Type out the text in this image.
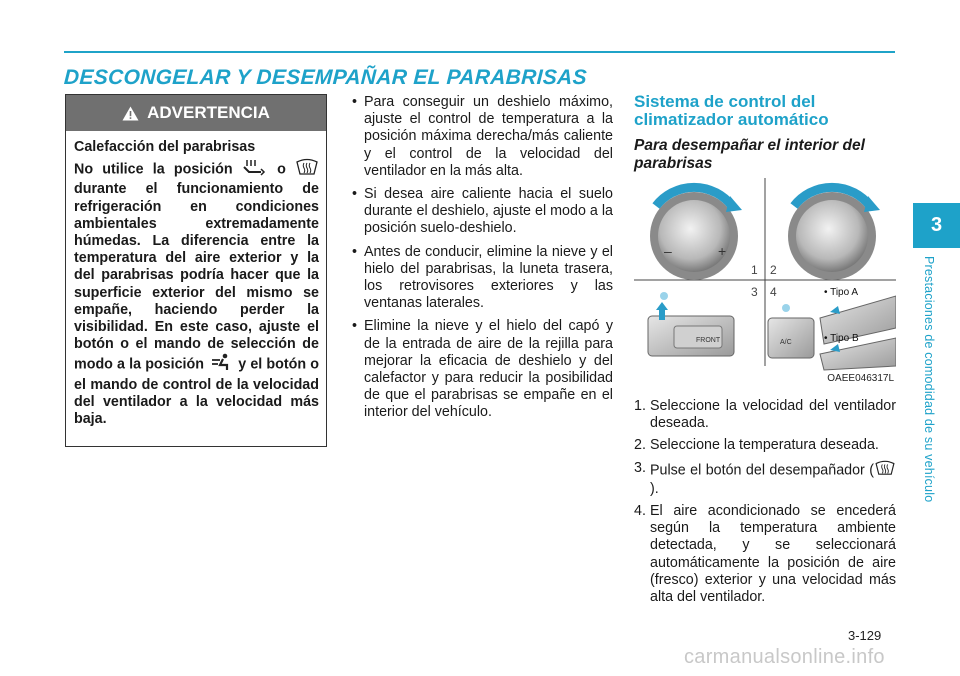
DESCONGELAR Y DESEMPAÑAR EL PARABRISAS
ADVERTENCIA
Calefacción del parabrisas
No utilice la posición	o  durante el funcionamiento de refrigeración en condiciones ambientales extremadamente húmedas. La diferencia entre la temperatura del aire exterior y la del parabrisas podría hacer que la superficie exterior del mismo se empañe, haciendo perder la visibilidad. En este caso, ajuste el botón o el mando de selección de modo a la posición y el botón o el mando de control de la velocidad del ventilador a la velocidad más baja.
• Para conseguir un deshielo máximo, ajuste el control de temperatura a la posición máxima derecha/más caliente y el control de la velocidad del ventilador en la más alta.
• Si desea aire caliente hacia el suelo durante el deshielo, ajuste el modo a la posición suelo-deshielo.
• Antes de conducir, elimine la nieve y el hielo del parabrisas, la luneta trasera, los retrovisores exteriores y las ventanas laterales.
• Elimine la nieve y el hielo del capó y de la entrada de aire de la rejilla para mejorar la eficacia de deshielo y del calefactor y para reducir la posibilidad de que el parabrisas se empañe en el interior del vehículo.
Sistema de control del climatizador automático
Para desempañar el interior del parabrisas
–	+
1 2
3 4
FRONT	A/C
• Tipo A
• Tipo B
OAEE046317L
1. Seleccione la velocidad del ventilador deseada.
2. Seleccione la temperatura deseada.
3. Pulse el botón del desempañador ().
4. El aire acondicionado se encederá según la temperatura ambiente detectada, y se seleccionará automáticamente la posición de aire (fresco) exterior y una velocidad más alta del ventilador.
3
Prestaciones de comodidad de su vehículo
3-129
carmanualsonline.info
